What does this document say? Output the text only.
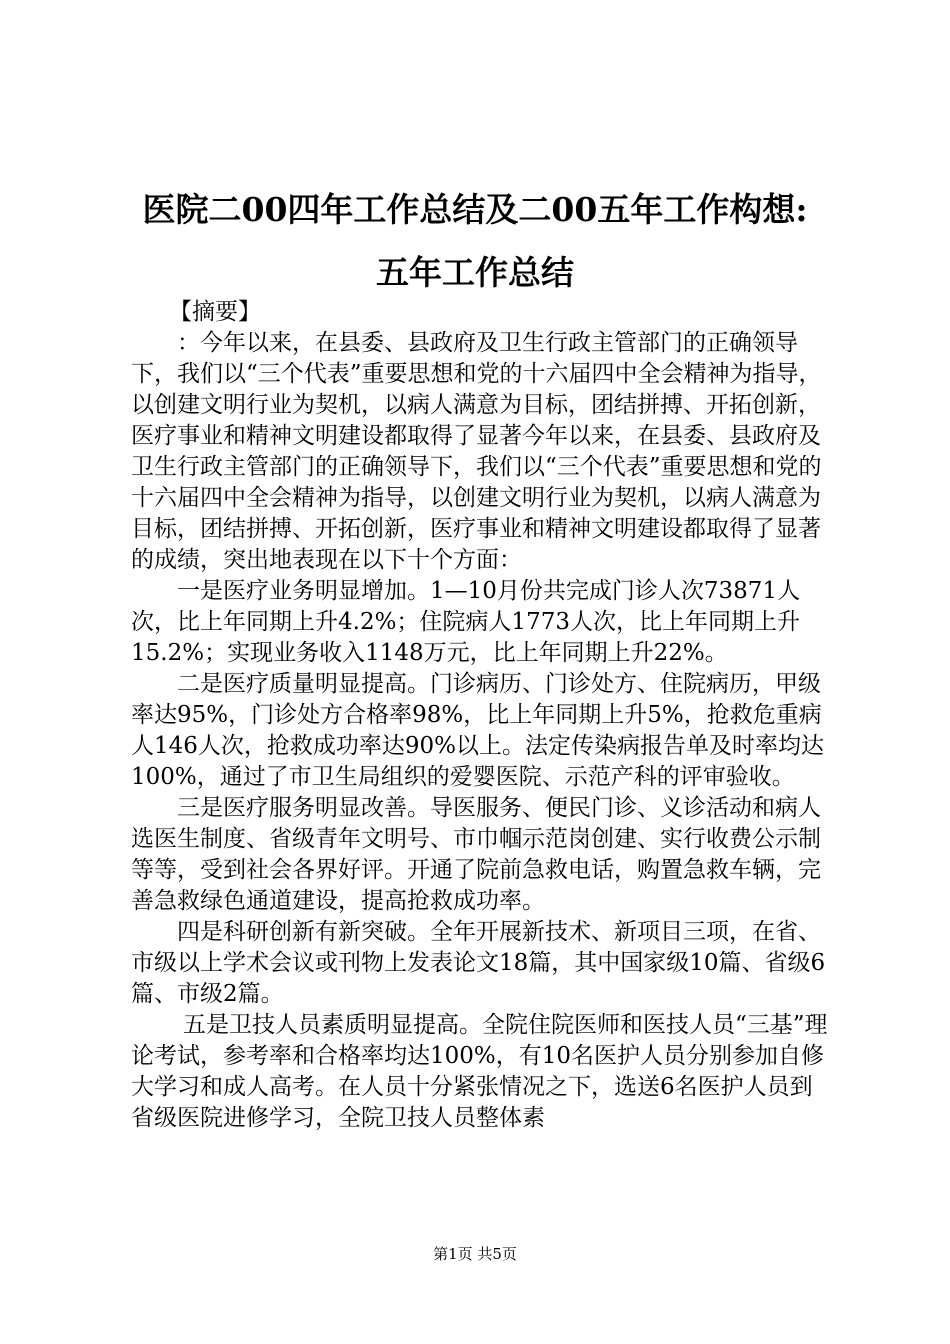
医院二00四年工作总结及二00五年工作构想:
五年工作总结

【摘要】

：今年以来，在县委、县政府及卫生行政主管部门的正确领导下，我们以“三个代表”重要思想和党的十六届四中全会精神为指导，以创建文明行业为契机，以病人满意为目标，团结拼搏、开拓创新，医疗事业和精神文明建设都取得了显著今年以来，在县委、县政府及卫生行政主管部门的正确领导下，我们以“三个代表”重要思想和党的十六届四中全会精神为指导，以创建文明行业为契机，以病人满意为目标，团结拼搏、开拓创新，医疗事业和精神文明建设都取得了显著的成绩，突出地表现在以下十个方面：

一是医疗业务明显增加。1—10月份共完成门诊人次73871人次，比上年同期上升4.2%；住院病人1773人次，比上年同期上升15.2%；实现业务收入1148万元，比上年同期上升22%。

二是医疗质量明显提高。门诊病历、门诊处方、住院病历，甲级率达95%，门诊处方合格率98%，比上年同期上升5%，抢救危重病人146人次，抢救成功率达90%以上。法定传染病报告单及时率均达100%，通过了市卫生局组织的爱婴医院、示范产科的评审验收。

三是医疗服务明显改善。导医服务、便民门诊、义诊活动和病人选医生制度、省级青年文明号、市巾帼示范岗创建、实行收费公示制等等，受到社会各界好评。开通了院前急救电话，购置急救车辆，完善急救绿色通道建设，提高抢救成功率。

四是科研创新有新突破。全年开展新技术、新项目三项，在省、市级以上学术会议或刊物上发表论文18篇，其中国家级10篇、省级6篇、市级2篇。

五是卫技人员素质明显提高。全院住院医师和医技人员“三基”理论考试，参考率和合格率均达100%，有10名医护人员分别参加自修大学习和成人高考。在人员十分紧张情况之下，选送6名医护人员到省级医院进修学习，全院卫技人员整体素

第1页 共5页
